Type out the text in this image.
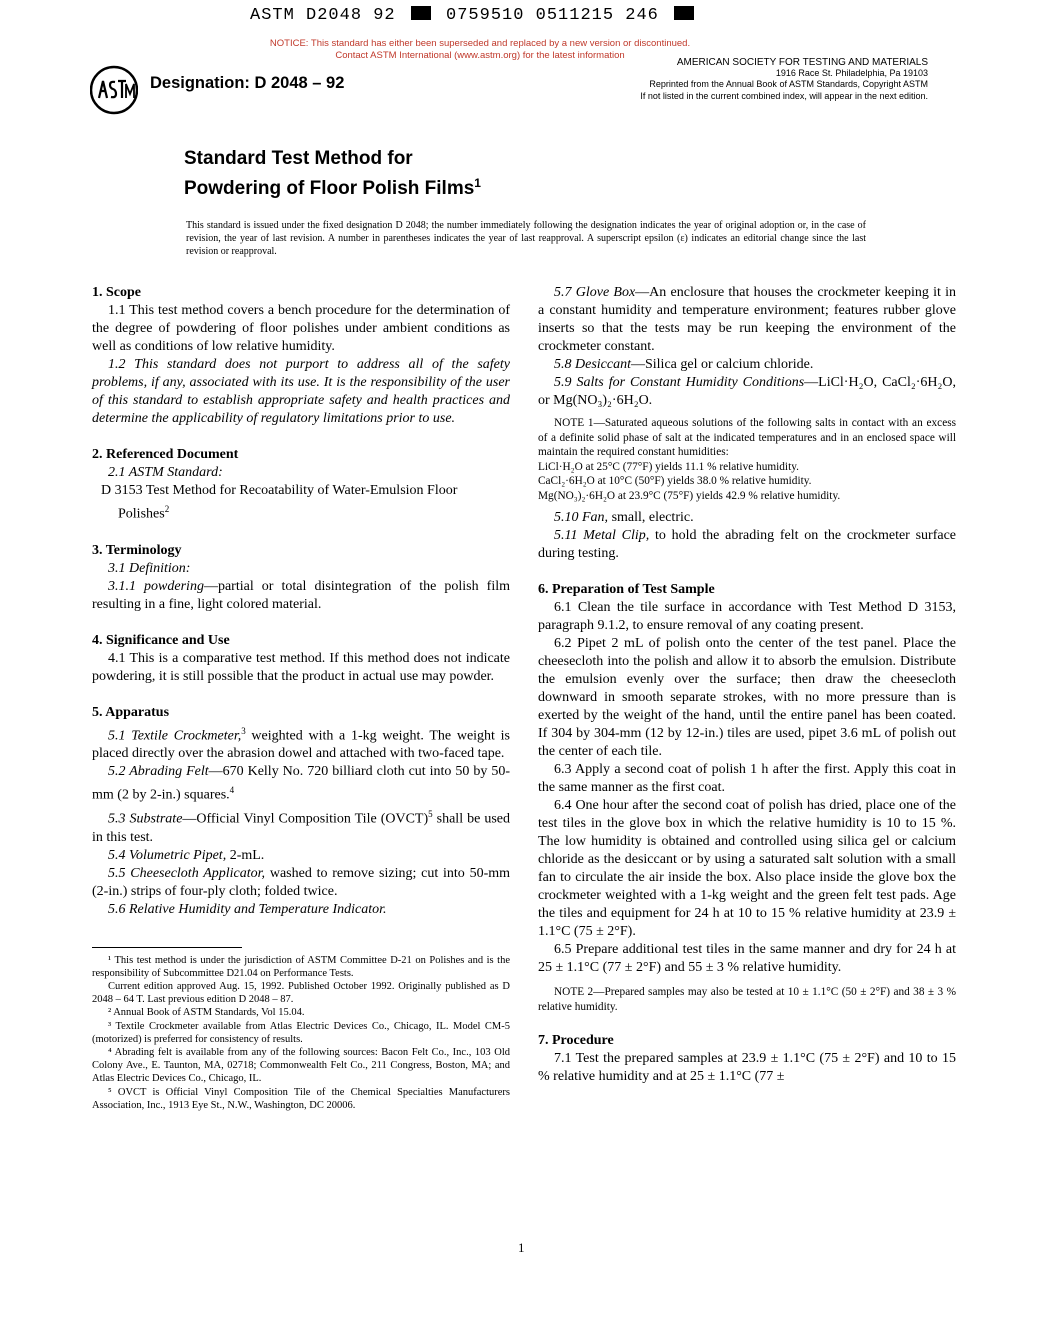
ASTM D2048 92	0759510 0511215 246
NOTICE: This standard has either been superseded and replaced by a new version or discontinued.
Contact ASTM International (www.astm.org) for the latest information
Designation: D 2048 – 92
AMERICAN SOCIETY FOR TESTING AND MATERIALS
1916 Race St. Philadelphia, Pa 19103
Reprinted from the Annual Book of ASTM Standards, Copyright ASTM
If not listed in the current combined index, will appear in the next edition.
Standard Test Method for
Powdering of Floor Polish Films$^1$
This standard is issued under the fixed designation D 2048; the number immediately following the designation indicates the year of original adoption or, in the case of revision, the year of last revision. A number in parentheses indicates the year of last reapproval. A superscript epsilon (ε) indicates an editorial change since the last revision or reapproval.

1. Scope

1.1 This test method covers a bench procedure for the determination of the degree of powdering of floor polishes under ambient conditions as well as conditions of low relative humidity.

1.2 This standard does not purport to address all of the safety problems, if any, associated with its use. It is the responsibility of the user of this standard to establish appropriate safety and health practices and determine the applicability of regulatory limitations prior to use.

2. Referenced Document

2.1 ASTM Standard:

D 3153 Test Method for Recoatability of Water-Emulsion Floor Polishes$^2$

3. Terminology

3.1 Definition:

3.1.1 powdering—partial or total disintegration of the polish film resulting in a fine, light colored material.

4. Significance and Use

4.1 This is a comparative test method. If this method does not indicate powdering, it is still possible that the product in actual use may powder.

5. Apparatus

5.1 Textile Crockmeter,$^3$ weighted with a 1-kg weight. The weight is placed directly over the abrasion dowel and attached with two-faced tape.

5.2 Abrading Felt—670 Kelly No. 720 billiard cloth cut into 50 by 50-mm (2 by 2-in.) squares.$^4$

5.3 Substrate—Official Vinyl Composition Tile (OVCT)$^5$ shall be used in this test.

5.4 Volumetric Pipet, 2-mL.

5.5 Cheesecloth Applicator, washed to remove sizing; cut into 50-mm (2-in.) strips of four-ply cloth; folded twice.

5.6 Relative Humidity and Temperature Indicator.

¹ This test method is under the jurisdiction of ASTM Committee D-21 on Polishes and is the responsibility of Subcommittee D21.04 on Performance Tests.

Current edition approved Aug. 15, 1992. Published October 1992. Originally published as D 2048 – 64 T. Last previous edition D 2048 – 87.

² Annual Book of ASTM Standards, Vol 15.04.

³ Textile Crockmeter available from Atlas Electric Devices Co., Chicago, IL. Model CM-5 (motorized) is preferred for consistency of results.

⁴ Abrading felt is available from any of the following sources: Bacon Felt Co., Inc., 103 Old Colony Ave., E. Taunton, MA, 02718; Commonwealth Felt Co., 211 Congress, Boston, MA; and Atlas Electric Devices Co., Chicago, IL.

⁵ OVCT is Official Vinyl Composition Tile of the Chemical Specialties Manufacturers Association, Inc., 1913 Eye St., N.W., Washington, DC 20006.

5.7 Glove Box—An enclosure that houses the crockmeter keeping it in a constant humidity and temperature environment; features rubber glove inserts so that the tests may be run keeping the environment of the crockmeter constant.

5.8 Desiccant—Silica gel or calcium chloride.

5.9 Salts for Constant Humidity Conditions—LiCl·H₂O, CaCl₂·6H₂O, or Mg(NO₃)₂·6H₂O.

NOTE 1—Saturated aqueous solutions of the following salts in contact with an excess of a definite solid phase of salt at the indicated temperatures and in an enclosed space will maintain the required constant humidities:

LiCl·H₂O at 25°C (77°F) yields 11.1 % relative humidity.

CaCl₂·6H₂O at 10°C (50°F) yields 38.0 % relative humidity.

Mg(NO₃)₂·6H₂O at 23.9°C (75°F) yields 42.9 % relative humidity.

5.10 Fan, small, electric.

5.11 Metal Clip, to hold the abrading felt on the crockmeter surface during testing.

6. Preparation of Test Sample

6.1 Clean the tile surface in accordance with Test Method D 3153, paragraph 9.1.2, to ensure removal of any coating present.

6.2 Pipet 2 mL of polish onto the center of the test panel. Place the cheesecloth into the polish and allow it to absorb the emulsion. Distribute the emulsion evenly over the surface; then draw the cheesecloth downward in smooth separate strokes, with no more pressure than is exerted by the weight of the hand, until the entire panel has been coated. If 304 by 304-mm (12 by 12-in.) tiles are used, pipet 3.6 mL of polish out the center of each tile.

6.3 Apply a second coat of polish 1 h after the first. Apply this coat in the same manner as the first coat.

6.4 One hour after the second coat of polish has dried, place one of the test tiles in the glove box in which the relative humidity is 10 to 15 %. The low humidity is obtained and controlled using silica gel or calcium chloride as the desiccant or by using a saturated salt solution with a small fan to circulate the air inside the box. Also place inside the glove box the crockmeter weighted with a 1-kg weight and the green felt test pads. Age the tiles and equipment for 24 h at 10 to 15 % relative humidity at 23.9 ± 1.1°C (75 ± 2°F).

6.5 Prepare additional test tiles in the same manner and dry for 24 h at 25 ± 1.1°C (77 ± 2°F) and 55 ± 3 % relative humidity.

NOTE 2—Prepared samples may also be tested at 10 ± 1.1°C (50 ± 2°F) and 38 ± 3 % relative humidity.

7. Procedure

7.1 Test the prepared samples at 23.9 ± 1.1°C (75 ± 2°F) and 10 to 15 % relative humidity and at 25 ± 1.1°C (77 ±

1
